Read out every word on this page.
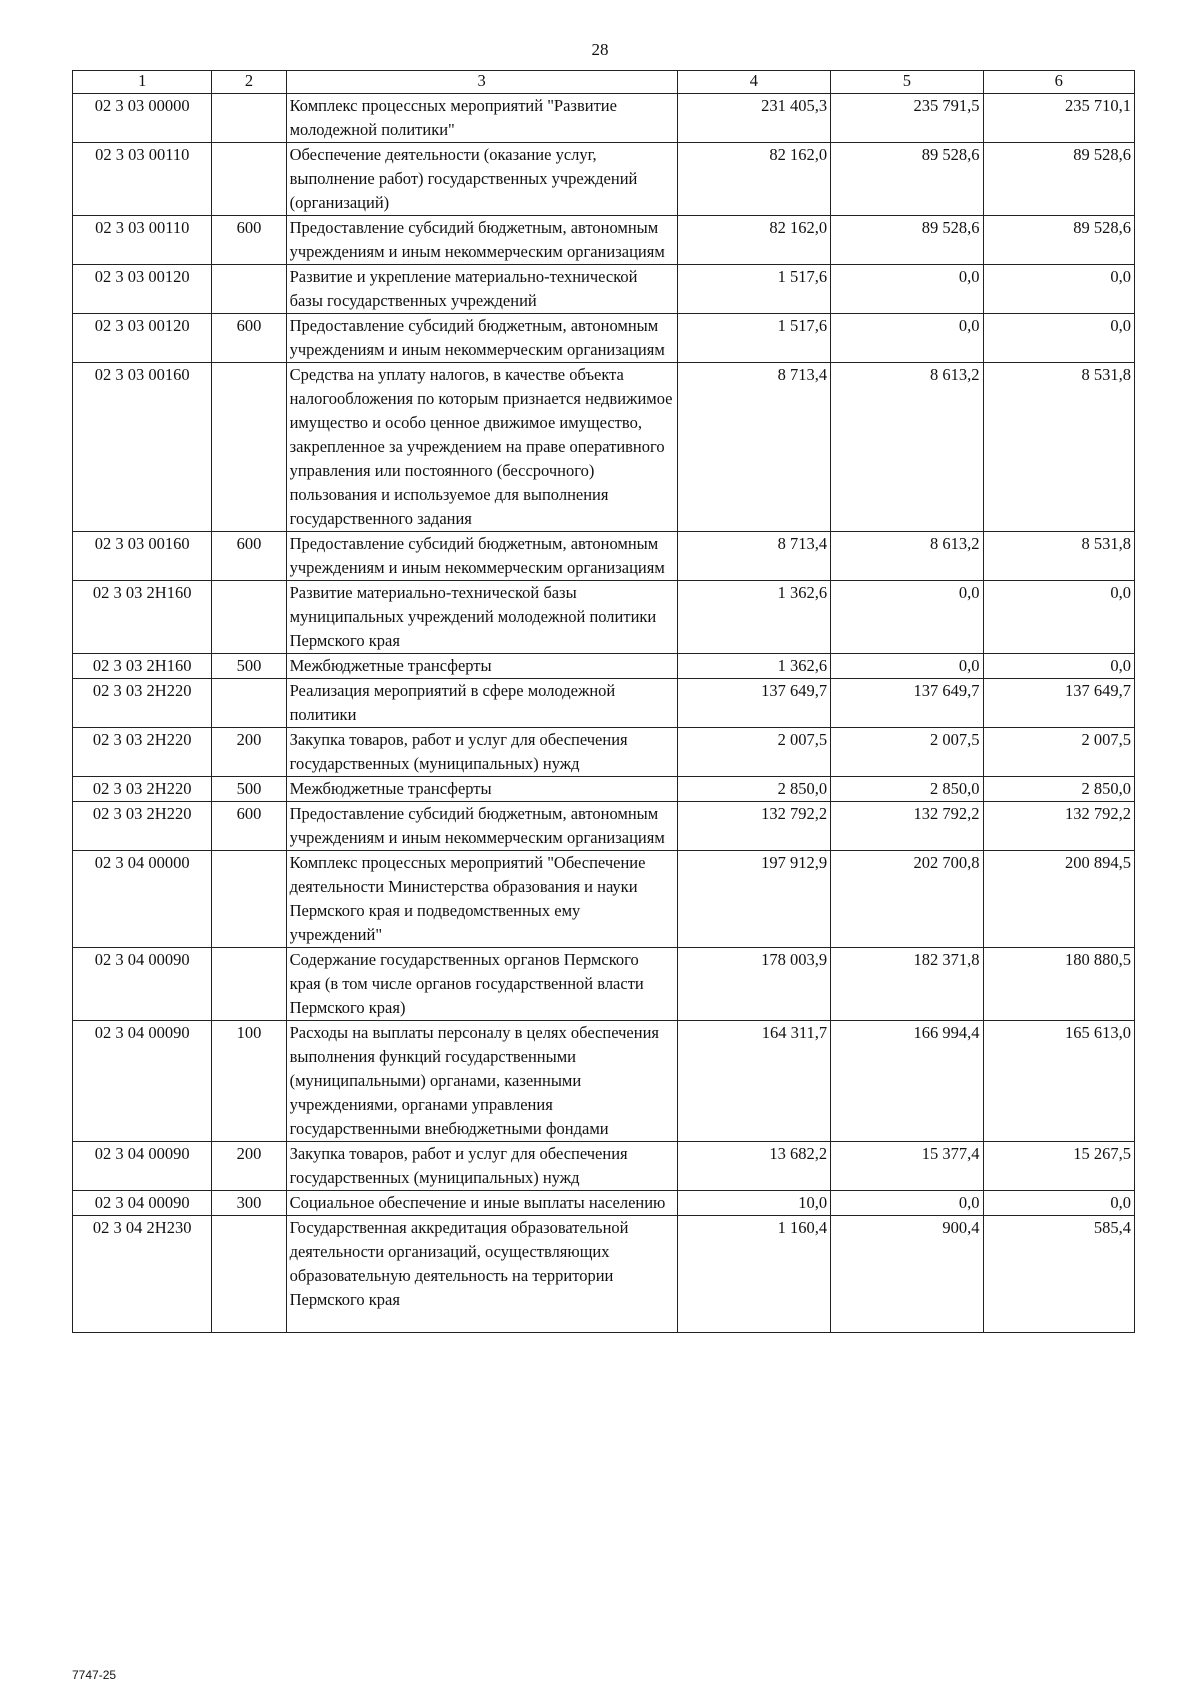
28
1	2	3	4	5	6
02 3 03 00000		Комплекс процессных мероприятий "Развитие молодежной политики"	231 405,3	235 791,5	235 710,1
02 3 03 00110		Обеспечение деятельности (оказание услуг, выполнение работ) государственных учреждений (организаций)	82 162,0	89 528,6	89 528,6
02 3 03 00110	600	Предоставление субсидий бюджетным, автономным учреждениям и иным некоммерческим организациям	82 162,0	89 528,6	89 528,6
02 3 03 00120		Развитие и укрепление материально-технической базы государственных учреждений	1 517,6	0,0	0,0
02 3 03 00120	600	Предоставление субсидий бюджетным, автономным учреждениям и иным некоммерческим организациям	1 517,6	0,0	0,0
02 3 03 00160		Средства на уплату налогов, в качестве объекта налогообложения по которым признается недвижимое имущество и особо ценное движимое имущество, закрепленное за учреждением на праве оперативного управления или постоянного (бессрочного) пользования и используемое для выполнения государственного задания	8 713,4	8 613,2	8 531,8
02 3 03 00160	600	Предоставление субсидий бюджетным, автономным учреждениям и иным некоммерческим организациям	8 713,4	8 613,2	8 531,8
02 3 03 2Н160		Развитие материально-технической базы муниципальных учреждений молодежной политики Пермского края	1 362,6	0,0	0,0
02 3 03 2Н160	500	Межбюджетные трансферты	1 362,6	0,0	0,0
02 3 03 2Н220		Реализация мероприятий в сфере молодежной политики	137 649,7	137 649,7	137 649,7
02 3 03 2Н220	200	Закупка товаров, работ и услуг для обеспечения государственных (муниципальных) нужд	2 007,5	2 007,5	2 007,5
02 3 03 2Н220	500	Межбюджетные трансферты	2 850,0	2 850,0	2 850,0
02 3 03 2Н220	600	Предоставление субсидий бюджетным, автономным учреждениям и иным некоммерческим организациям	132 792,2	132 792,2	132 792,2
02 3 04 00000		Комплекс процессных мероприятий "Обеспечение деятельности Министерства образования и науки Пермского края и подведомственных ему учреждений"	197 912,9	202 700,8	200 894,5
02 3 04 00090		Содержание государственных органов Пермского края (в том числе органов государственной власти Пермского края)	178 003,9	182 371,8	180 880,5
02 3 04 00090	100	Расходы на выплаты персоналу в целях обеспечения выполнения функций государственными (муниципальными) органами, казенными учреждениями, органами управления государственными внебюджетными фондами	164 311,7	166 994,4	165 613,0
02 3 04 00090	200	Закупка товаров, работ и услуг для обеспечения государственных (муниципальных) нужд	13 682,2	15 377,4	15 267,5
02 3 04 00090	300	Социальное обеспечение и иные выплаты населению	10,0	0,0	0,0
02 3 04 2Н230		Государственная аккредитация образовательной деятельности организаций, осуществляющих образовательную деятельность на территории Пермского края	1 160,4	900,4	585,4
7747-25
